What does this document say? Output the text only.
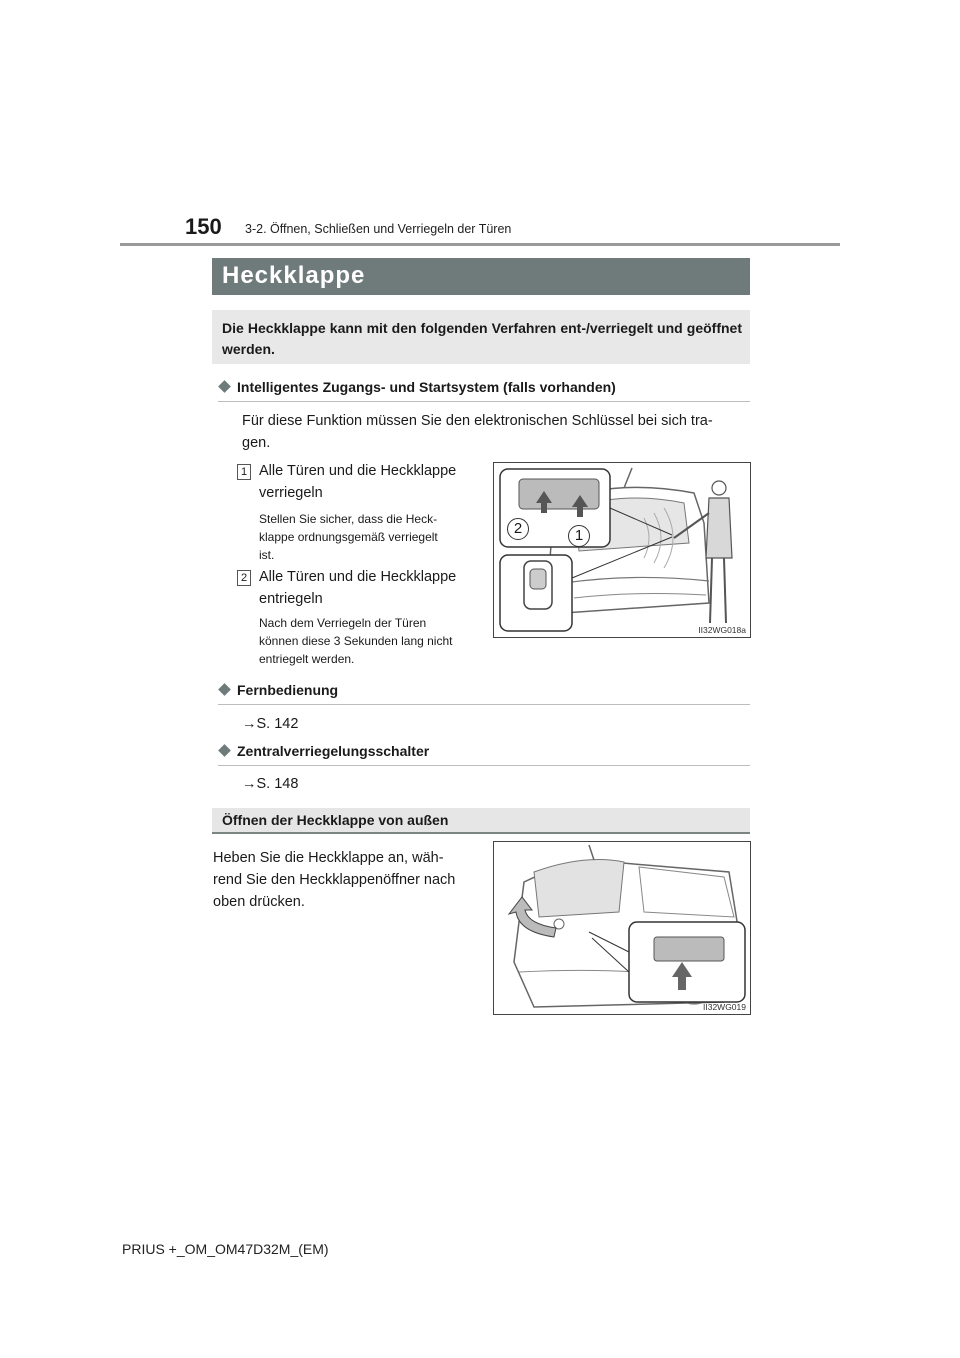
150 3-2. Öffnen, Schließen und Verriegeln der Türen
Heckklappe
Die Heckklappe kann mit den folgenden Verfahren ent-/verriegelt und geöffnet werden.
Intelligentes Zugangs- und Startsystem (falls vorhanden)
Für diese Funktion müssen Sie den elektronischen Schlüssel bei sich tra-
gen.
1 Alle Türen und die Heckklappe
verriegeln
Stellen Sie sicher, dass die Heck-
klappe ordnungsgemäß verriegelt
ist.
2 Alle Türen und die Heckklappe
entriegeln
Nach dem Verriegeln der Türen
können diese 3 Sekunden lang nicht
entriegelt werden.
2	1
II32WG018a
Fernbedienung
→S. 142
Zentralverriegelungsschalter
→S. 148
Öffnen der Heckklappe von außen
Heben Sie die Heckklappe an, wäh-
rend Sie den Heckklappenöffner nach
oben drücken.
II32WG019
PRIUS +_OM_OM47D32M_(EM)
